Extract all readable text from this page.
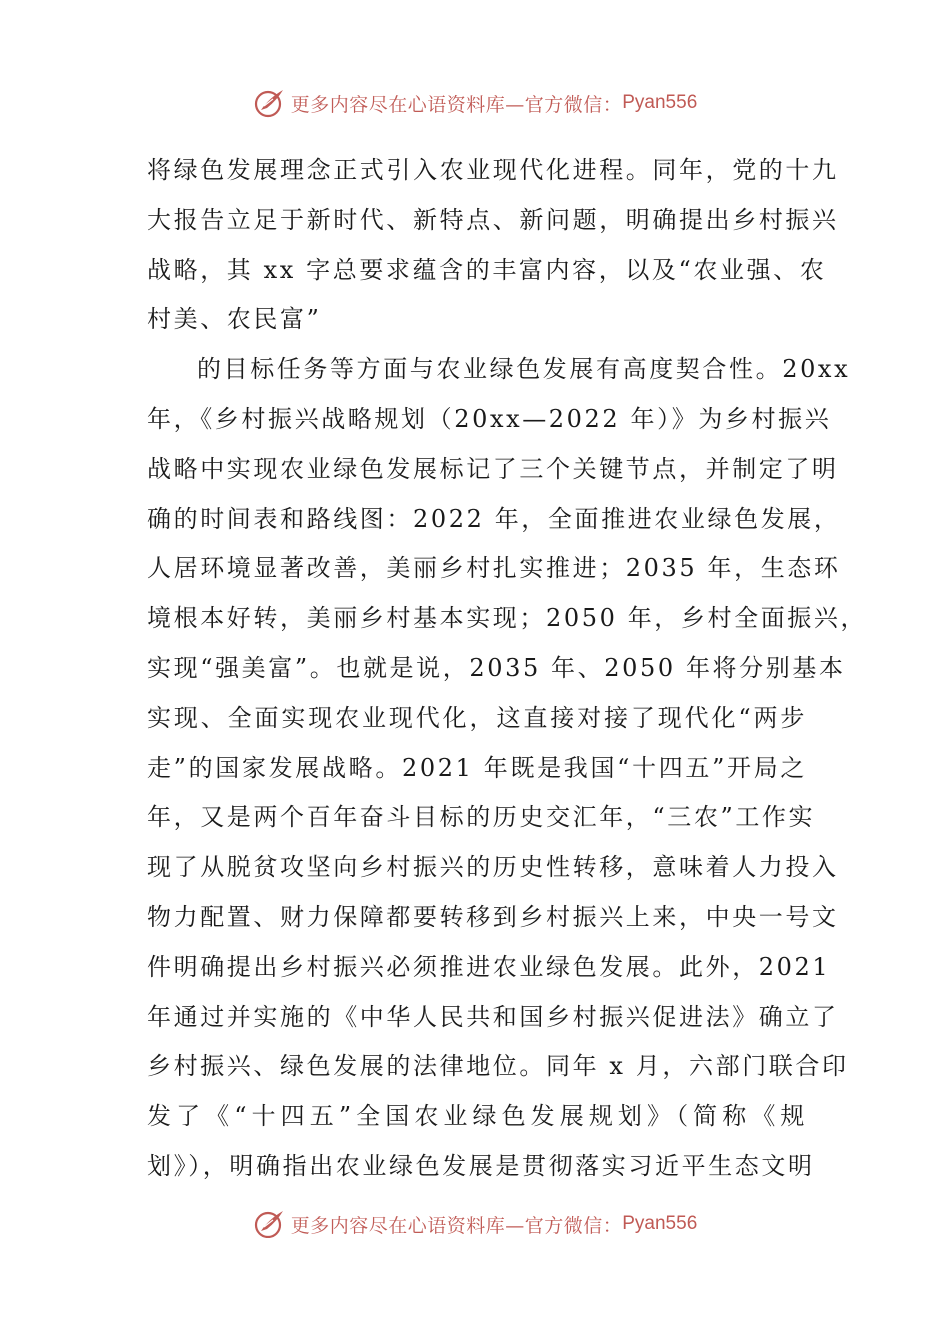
更多内容尽在心语资料库—官方微信： Pyan556
将绿色发展理念正式引入农业现代化进程。同年，党的十九
大报告立足于新时代、新特点、新问题，明确提出乡村振兴
战略，其 xx 字总要求蕴含的丰富内容，以及“农业强、农
村美、农民富”
的目标任务等方面与农业绿色发展有高度契合性。20xx
年，《乡村振兴战略规划（20xx—2022 年）》为乡村振兴
战略中实现农业绿色发展标记了三个关键节点，并制定了明
确的时间表和路线图：2022 年，全面推进农业绿色发展，
人居环境显著改善，美丽乡村扎实推进；2035 年，生态环
境根本好转，美丽乡村基本实现；2050 年，乡村全面振兴，
实现“强美富”。也就是说，2035 年、2050 年将分别基本
实现、全面实现农业现代化，这直接对接了现代化“两步
走”的国家发展战略。2021 年既是我国“十四五”开局之
年，又是两个百年奋斗目标的历史交汇年，“三农”工作实
现了从脱贫攻坚向乡村振兴的历史性转移，意味着人力投入
物力配置、财力保障都要转移到乡村振兴上来，中央一号文
件明确提出乡村振兴必须推进农业绿色发展。此外，2021
年通过并实施的《中华人民共和国乡村振兴促进法》确立了
乡村振兴、绿色发展的法律地位。同年 x 月，六部门联合印
发了《“十四五”全国农业绿色发展规划》（简称《规
划》），明确指出农业绿色发展是贯彻落实习近平生态文明
更多内容尽在心语资料库—官方微信： Pyan556
